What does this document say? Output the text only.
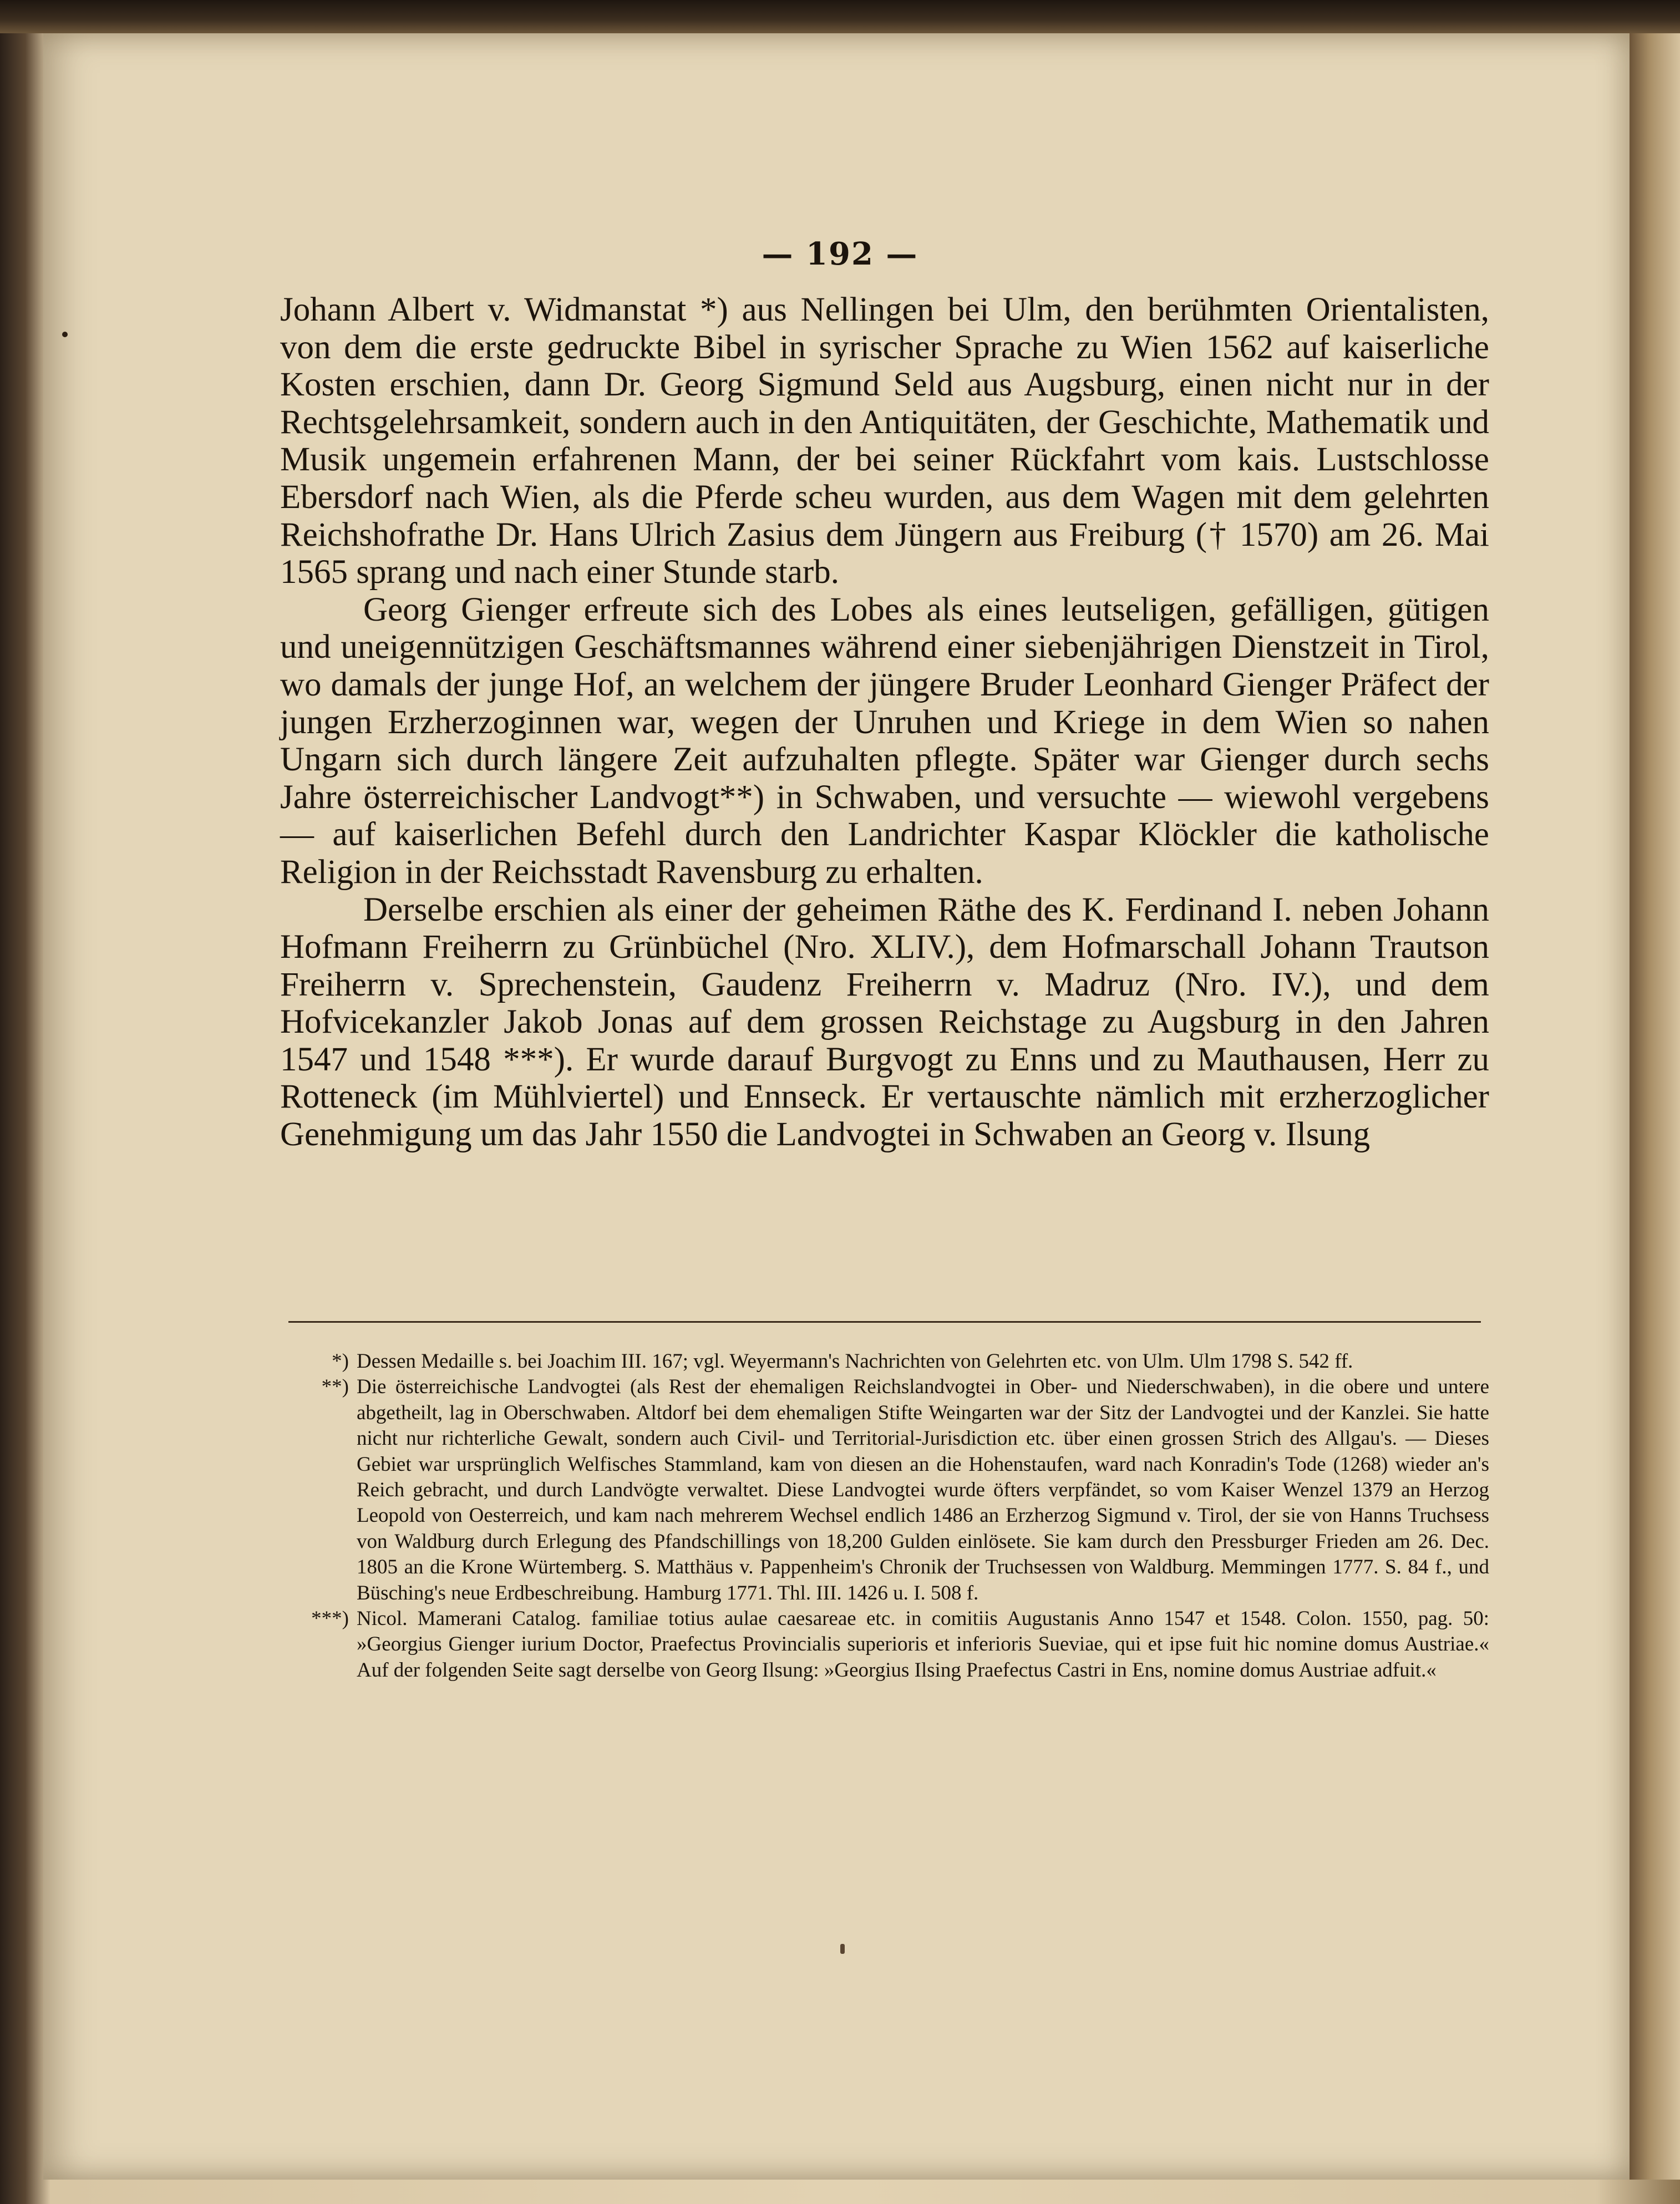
— 192 —

Johann Albert v. Widmanstat *) aus Nellingen bei Ulm, den berühmten Orientalisten, von dem die erste gedruckte Bibel in syrischer Sprache zu Wien 1562 auf kaiserliche Kosten erschien, dann Dr. Georg Sigmund Seld aus Augsburg, einen nicht nur in der Rechtsgelehrsamkeit, sondern auch in den Antiquitäten, der Geschichte, Mathematik und Musik ungemein erfahrenen Mann, der bei seiner Rückfahrt vom kais. Lustschlosse Ebersdorf nach Wien, als die Pferde scheu wurden, aus dem Wagen mit dem gelehrten Reichshofrathe Dr. Hans Ulrich Zasius dem Jüngern aus Freiburg († 1570) am 26. Mai 1565 sprang und nach einer Stunde starb.

Georg Gienger erfreute sich des Lobes als eines leutseligen, gefälligen, gütigen und uneigennützigen Geschäftsmannes während einer siebenjährigen Dienstzeit in Tirol, wo damals der junge Hof, an welchem der jüngere Bruder Leonhard Gienger Präfect der jungen Erzherzoginnen war, wegen der Unruhen und Kriege in dem Wien so nahen Ungarn sich durch längere Zeit aufzuhalten pflegte. Später war Gienger durch sechs Jahre österreichischer Landvogt**) in Schwaben, und versuchte — wiewohl vergebens — auf kaiserlichen Befehl durch den Landrichter Kaspar Klöckler die katholische Religion in der Reichsstadt Ravensburg zu erhalten.

Derselbe erschien als einer der geheimen Räthe des K. Ferdinand I. neben Johann Hofmann Freiherrn zu Grünbüchel (Nro. XLIV.), dem Hofmarschall Johann Trautson Freiherrn v. Sprechenstein, Gaudenz Freiherrn v. Madruz (Nro. IV.), und dem Hofvicekanzler Jakob Jonas auf dem grossen Reichstage zu Augsburg in den Jahren 1547 und 1548 ***). Er wurde darauf Burgvogt zu Enns und zu Mauthausen, Herr zu Rotteneck (im Mühlviertel) und Ennseck. Er vertauschte nämlich mit erzherzoglicher Genehmigung um das Jahr 1550 die Landvogtei in Schwaben an Georg v. Ilsung

*) Dessen Medaille s. bei Joachim III. 167; vgl. Weyermann's Nachrichten von Gelehrten etc. von Ulm. Ulm 1798 S. 542 ff.
**) Die österreichische Landvogtei (als Rest der ehemaligen Reichslandvogtei in Ober- und Niederschwaben), in die obere und untere abgetheilt, lag in Oberschwaben. Altdorf bei dem ehemaligen Stifte Weingarten war der Sitz der Landvogtei und der Kanzlei. Sie hatte nicht nur richterliche Gewalt, sondern auch Civil- und Territorial-Jurisdiction etc. über einen grossen Strich des Allgau's. — Dieses Gebiet war ursprünglich Welfisches Stammland, kam von diesen an die Hohenstaufen, ward nach Konradin's Tode (1268) wieder an's Reich gebracht, und durch Landvögte verwaltet. Diese Landvogtei wurde öfters verpfändet, so vom Kaiser Wenzel 1379 an Herzog Leopold von Oesterreich, und kam nach mehrerem Wechsel endlich 1486 an Erzherzog Sigmund v. Tirol, der sie von Hanns Truchsess von Waldburg durch Erlegung des Pfandschillings von 18,200 Gulden einlösete. Sie kam durch den Pressburger Frieden am 26. Dec. 1805 an die Krone Würtemberg. S. Matthäus v. Pappenheim's Chronik der Truchsessen von Waldburg. Memmingen 1777. S. 84 f., und Büsching's neue Erdbeschreibung. Hamburg 1771. Thl. III. 1426 u. I. 508 f.
***) Nicol. Mamerani Catalog. familiae totius aulae caesareae etc. in comitiis Augustanis Anno 1547 et 1548. Colon. 1550, pag. 50: »Georgius Gienger iurium Doctor, Praefectus Provincialis superioris et inferioris Sueviae, qui et ipse fuit hic nomine domus Austriae.« Auf der folgenden Seite sagt derselbe von Georg Ilsung: »Georgius Ilsing Praefectus Castri in Ens, nomine domus Austriae adfuit.«
